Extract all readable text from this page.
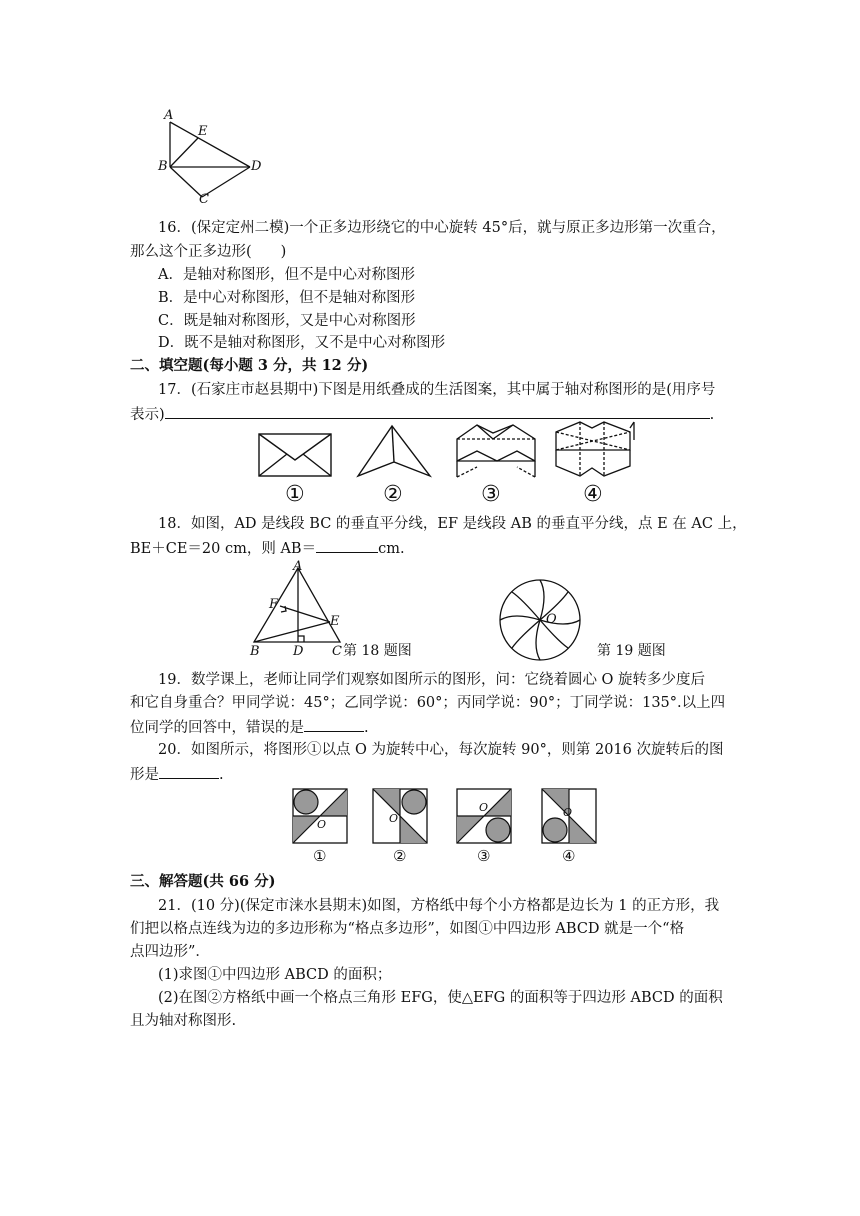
A
E
B	D
C
16．(保定定州二模)一个正多边形绕它的中心旋转 45°后，就与原正多边形第一次重合，
那么这个正多边形(　　)
A．是轴对称图形，但不是中心对称图形
B．是中心对称图形，但不是轴对称图形
C．既是轴对称图形，又是中心对称图形
D．既不是轴对称图形，又不是中心对称图形
二、填空题(每小题 3 分，共 12 分)
17．(石家庄市赵县期中)下图是用纸叠成的生活图案，其中属于轴对称图形的是(用序号
表示)	.
①	②	③	④
18．如图，AD 是线段 BC 的垂直平分线，EF 是线段 AB 的垂直平分线，点 E 在 AC 上，
BE＋CE＝20 cm，则 AB＝	cm.
A
F
E
B	D C 第 18 题图
O
第 19 题图
19．数学课上，老师让同学们观察如图所示的图形，问：它绕着圆心 O 旋转多少度后
和它自身重合？甲同学说：45°；乙同学说：60°；丙同学说：90°；丁同学说：135°.以上四
位同学的回答中，错误的是	.
20．如图所示，将图形①以点 O 为旋转中心，每次旋转 90°，则第 2016 次旋转后的图
形是	.
O	O
O	O
①	②	③	④
三、解答题(共 66 分)
21．(10 分)(保定市涞水县期末)如图，方格纸中每个小方格都是边长为 1 的正方形，我
们把以格点连线为边的多边形称为“格点多边形”，如图①中四边形 ABCD 就是一个“格
点四边形”．
(1)求图①中四边形 ABCD 的面积；
(2)在图②方格纸中画一个格点三角形 EFG，使△EFG 的面积等于四边形 ABCD 的面积
且为轴对称图形.
